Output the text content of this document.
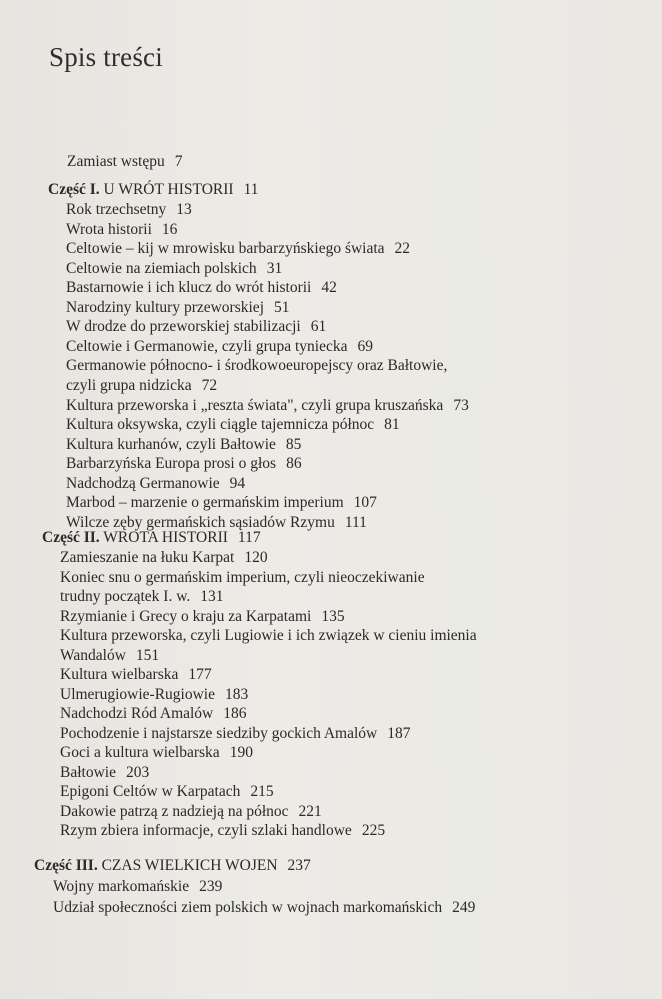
Spis treści
Zamiast wstępu 7
Część I. U WRÓT HISTORII 11
Rok trzechsetny 13
Wrota historii 16
Celtowie – kij w mrowisku barbarzyńskiego świata 22
Celtowie na ziemiach polskich 31
Bastarnowie i ich klucz do wrót historii 42
Narodziny kultury przeworskiej 51
W drodze do przeworskiej stabilizacji 61
Celtowie i Germanowie, czyli grupa tyniecka 69
Germanowie północno- i środkowoeuropejscy oraz Bałtowie,
czyli grupa nidzicka 72
Kultura przeworska i „reszta świata", czyli grupa kruszańska 73
Kultura oksywska, czyli ciągle tajemnicza północ 81
Kultura kurhanów, czyli Bałtowie 85
Barbarzyńska Europa prosi o głos 86
Nadchodzą Germanowie 94
Marbod – marzenie o germańskim imperium 107
Wilcze zęby germańskich sąsiadów Rzymu 111
Część II. WROTA HISTORII 117
Zamieszanie na łuku Karpat 120
Koniec snu o germańskim imperium, czyli nieoczekiwanie
trudny początek I. w. 131
Rzymianie i Grecy o kraju za Karpatami 135
Kultura przeworska, czyli Lugiowie i ich związek w cieniu imienia
Wandalów 151
Kultura wielbarska 177
Ulmerugiowie-Rugiowie 183
Nadchodzi Ród Amalów 186
Pochodzenie i najstarsze siedziby gockich Amalów 187
Goci a kultura wielbarska 190
Bałtowie 203
Epigoni Celtów w Karpatach 215
Dakowie patrzą z nadzieją na północ 221
Rzym zbiera informacje, czyli szlaki handlowe 225
Część III. CZAS WIELKICH WOJEN 237
Wojny markomańskie 239
Udział społeczności ziem polskich w wojnach markomańskich 249
